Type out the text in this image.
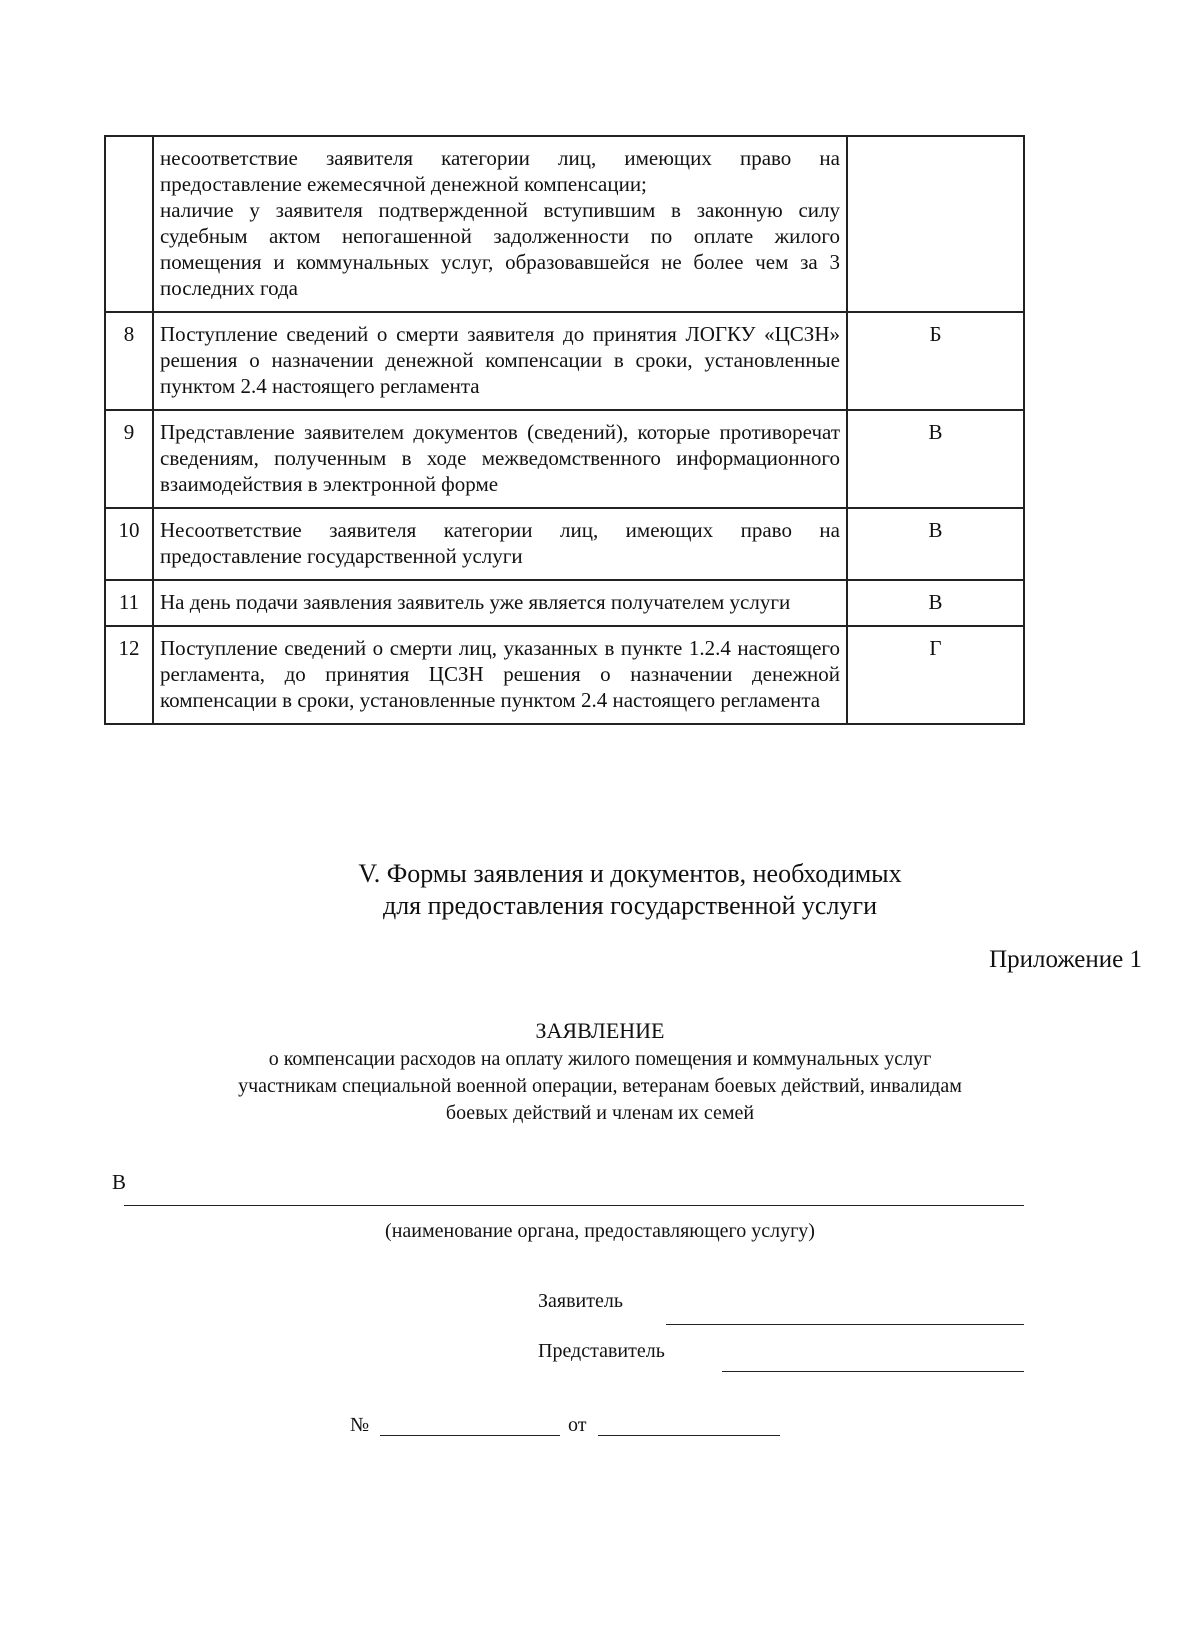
	несоответствие заявителя категории лиц, имеющих право на предоставление ежемесячной денежной компенсации;
наличие у заявителя подтвержденной вступившим в законную силу судебным актом непогашенной задолженности по оплате жилого помещения и коммунальных услуг, образовавшейся не более чем за 3 последних года	

8	Поступление сведений о смерти заявителя до принятия ЛОГКУ «ЦСЗН» решения о назначении денежной компенсации в сроки, установленные пунктом 2.4 настоящего регламента	Б
9	Представление заявителем документов (сведений), которые противоречат сведениям, полученным в ходе межведомственного информационного взаимодействия в электронной форме	В
10	Несоответствие заявителя категории лиц, имеющих право на предоставление государственной услуги	В
11	На день подачи заявления заявитель уже является получателем услуги	В
12	Поступление сведений о смерти лиц, указанных в пункте 1.2.4 настоящего регламента, до принятия ЦСЗН решения о назначении денежной компенсации в сроки, установленные пунктом 2.4 настоящего регламента	Г
V. Формы заявления и документов, необходимых
для предоставления государственной услуги
Приложение 1
ЗАЯВЛЕНИЕ
о компенсации расходов на оплату жилого помещения и коммунальных услуг
участникам специальной военной операции, ветеранам боевых действий, инвалидам
боевых действий и членам их семей
В
(наименование органа, предоставляющего услугу)
Заявитель
Представитель
№	от
